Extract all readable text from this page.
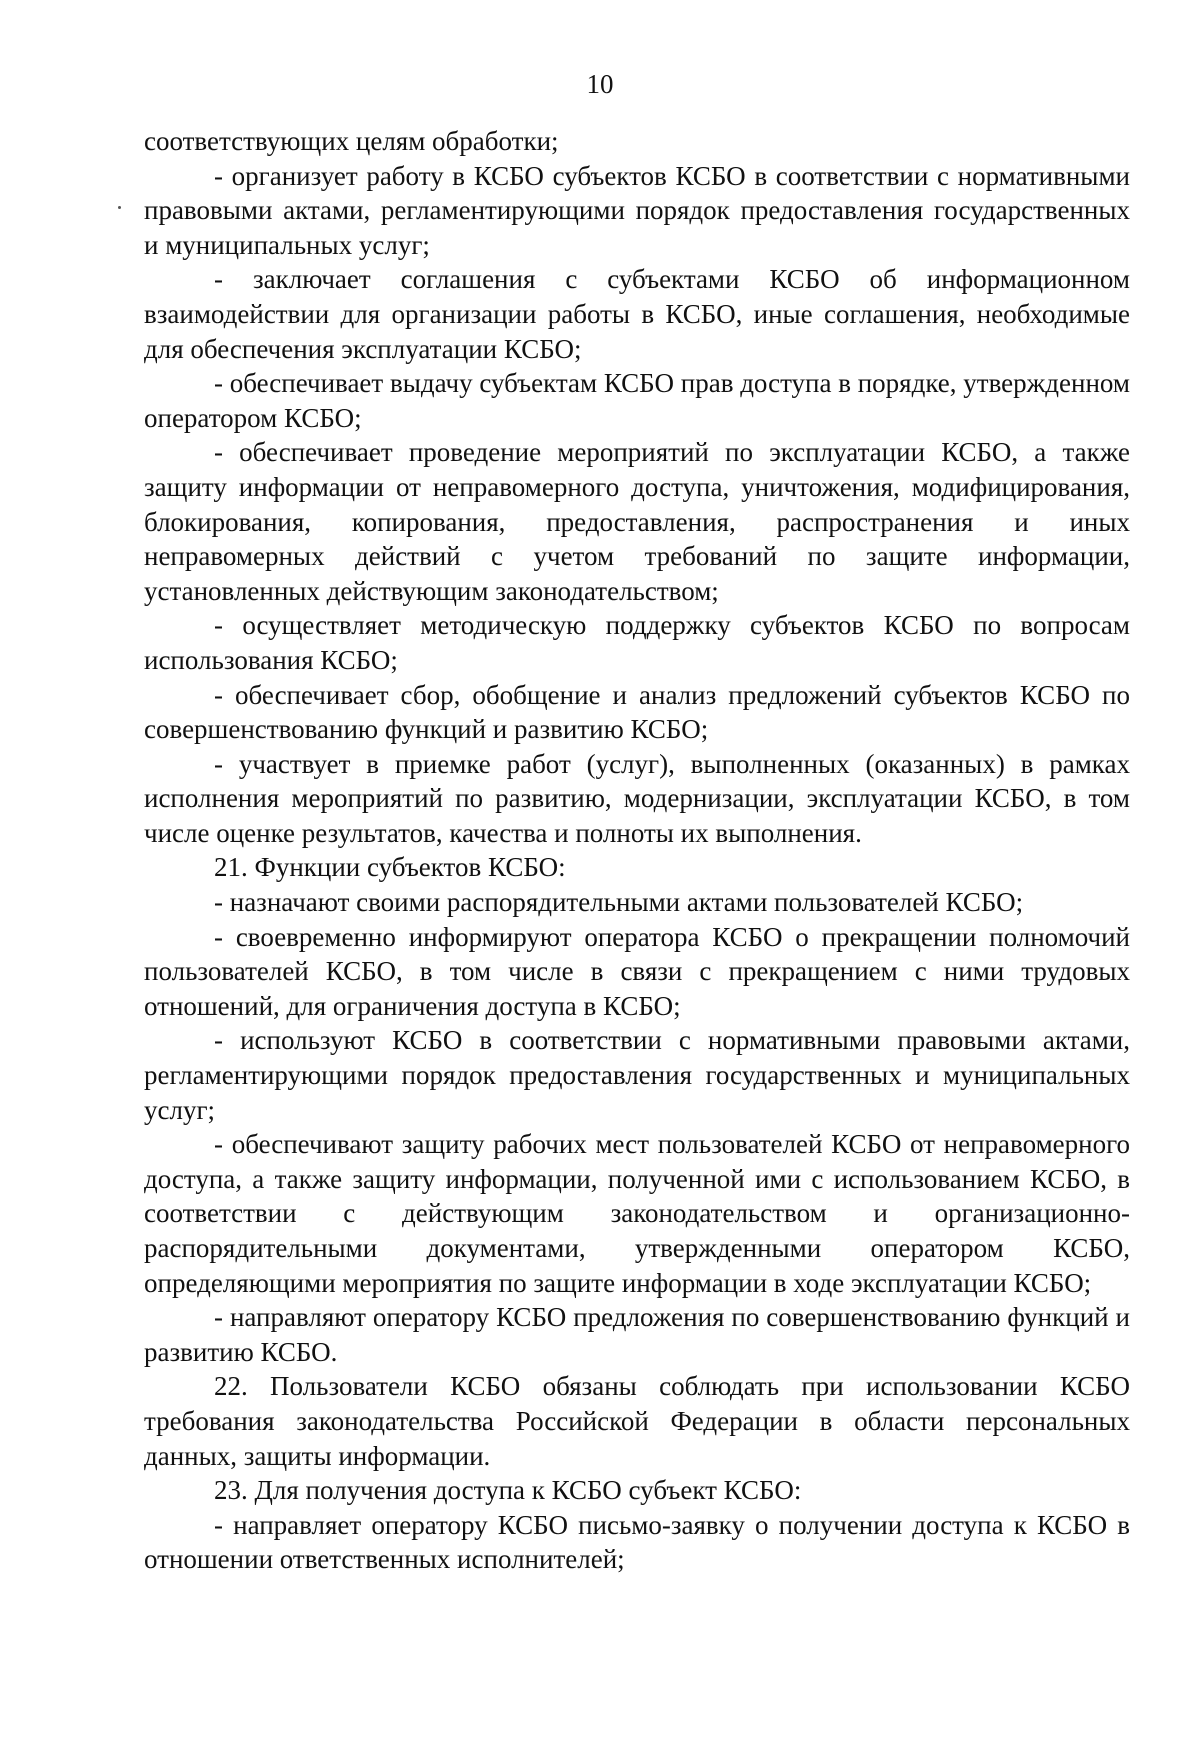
10

соответствующих целям обработки;

- организует работу в КСБО субъектов КСБО в соответствии с нормативными правовыми актами, регламентирующими порядок предоставления государственных и муниципальных услуг;

- заключает соглашения с субъектами КСБО об информационном взаимодействии для организации работы в КСБО, иные соглашения, необходимые для обеспечения эксплуатации КСБО;

- обеспечивает выдачу субъектам КСБО прав доступа в порядке, утвержденном оператором КСБО;

- обеспечивает проведение мероприятий по эксплуатации КСБО, а также защиту информации от неправомерного доступа, уничтожения, модифицирования, блокирования, копирования, предоставления, распространения и иных неправомерных действий с учетом требований по защите информации, установленных действующим законодательством;

- осуществляет методическую поддержку субъектов КСБО по вопросам использования КСБО;

- обеспечивает сбор, обобщение и анализ предложений субъектов КСБО по совершенствованию функций и развитию КСБО;

- участвует в приемке работ (услуг), выполненных (оказанных) в рамках исполнения мероприятий по развитию, модернизации, эксплуатации КСБО, в том числе оценке результатов, качества и полноты их выполнения.

21. Функции субъектов КСБО:

- назначают своими распорядительными актами пользователей КСБО;

- своевременно информируют оператора КСБО о прекращении полномочий пользователей КСБО, в том числе в связи с прекращением с ними трудовых отношений, для ограничения доступа в КСБО;

- используют КСБО в соответствии с нормативными правовыми актами, регламентирующими порядок предоставления государственных и муниципальных услуг;

- обеспечивают защиту рабочих мест пользователей КСБО от неправомерного доступа, а также защиту информации, полученной ими с использованием КСБО, в соответствии с действующим законодательством и организационно-распорядительными документами, утвержденными оператором КСБО, определяющими мероприятия по защите информации в ходе эксплуатации КСБО;

- направляют оператору КСБО предложения по совершенствованию функций и развитию КСБО.

22. Пользователи КСБО обязаны соблюдать при использовании КСБО требования законодательства Российской Федерации в области персональных данных, защиты информации.

23. Для получения доступа к КСБО субъект КСБО:

- направляет оператору КСБО письмо-заявку о получении доступа к КСБО в отношении ответственных исполнителей;
